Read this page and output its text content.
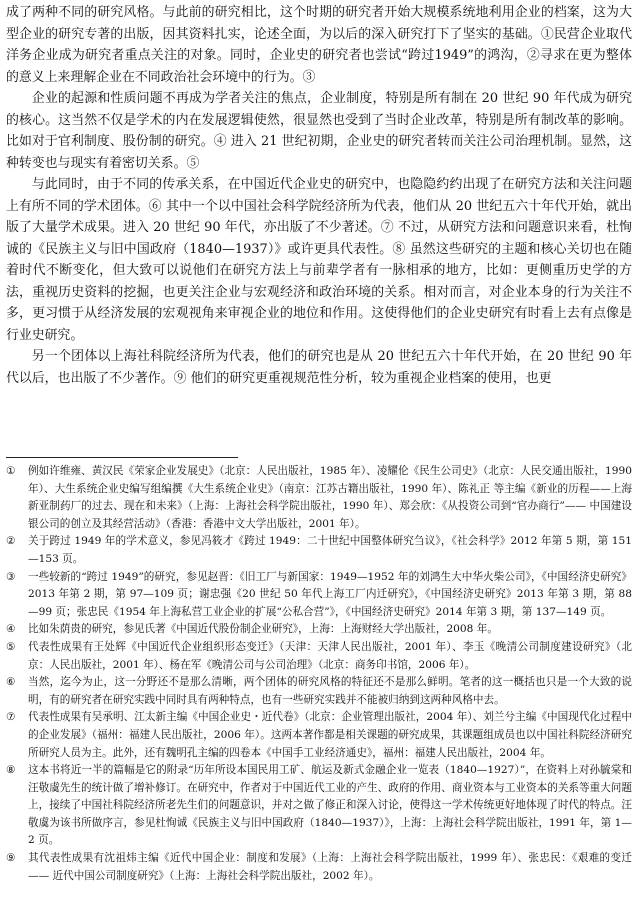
成了两种不同的研究风格。与此前的研究相比，这个时期的研究者开始大规模系统地利用企业的档案，这为大型企业的研究专著的出版，因其资料扎实，论述全面，为以后的深入研究打下了坚实的基础。①民营企业取代洋务企业成为研究者重点关注的对象。同时，企业史的研究者也尝试“跨过1949”的鸿沟，②寻求在更为整体的意义上来理解企业在不同政治社会环境中的行为。③

企业的起源和性质问题不再成为学者关注的焦点，企业制度，特别是所有制在 20 世纪 90 年代成为研究的核心。这当然不仅是学术的内在发展逻辑使然，很显然也受到了当时企业改革，特别是所有制改革的影响。比如对于官利制度、股份制的研究。④ 进入 21 世纪初期，企业史的研究者转而关注公司治理机制。显然，这种转变也与现实有着密切关系。⑤

与此同时，由于不同的传承关系，在中国近代企业史的研究中，也隐隐约约出现了在研究方法和关注问题上有所不同的学术团体。⑥ 其中一个以中国社会科学院经济所为代表，他们从 20 世纪五六十年代开始，就出版了大量学术成果。进入 20 世纪 90 年代，亦出版了不少著述。⑦ 不过，从研究方法和问题意识来看，杜恂诚的《民族主义与旧中国政府（1840—1937）》或许更具代表性。⑧ 虽然这些研究的主题和核心关切也在随着时代不断变化，但大致可以说他们在研究方法上与前辈学者有一脉相承的地方，比如：更侧重历史学的方法，重视历史资料的挖掘，也更关注企业与宏观经济和政治环境的关系。相对而言，对企业本身的行为关注不多，更习惯于从经济发展的宏观视角来审视企业的地位和作用。这使得他们的企业史研究有时看上去有点像是行业史研究。

另一个团体以上海社科院经济所为代表，他们的研究也是从 20 世纪五六十年代开始，在 20 世纪 90 年代以后，也出版了不少著作。⑨ 他们的研究更重视规范性分析，较为重视企业档案的使用，也更

①	例如许维雍、黄汉民《荣家企业发展史》（北京：人民出版社，1985 年）、凌耀伦《民生公司史》（北京：人民交通出版社，1990 年）、大生系统企业史编写组编撰《大生系统企业史》（南京：江苏古籍出版社，1990 年）、陈礼正 等主编《新业的历程——上海新亚制药厂的过去、现在和未来》（上海：上海社会科学院出版社，1990 年）、郑会欣：《从投资公司到“官办商行”—— 中国建设银公司的创立及其经营活动》（香港：香港中文大学出版社，2001 年）。
②	关于跨过 1949 年的学术意义，参见冯筱才《跨过 1949：二十世纪中国整体研究刍议》，《社会科学》2012 年第 5 期，第 151—153 页。
③	一些较新的“跨过 1949”的研究，参见赵晋：《旧工厂与新国家：1949—1952 年的刘鸿生大中华火柴公司》，《中国经济史研究》2013 年第 2 期，第 97—109 页；谢忠强《20 世纪 50 年代上海工厂内迁研究》，《中国经济史研究》2013 年第 3 期，第 88—99 页；张忠民《1954 年上海私营工业企业的扩展“公私合营”》，《中国经济史研究》2014 年第 3 期，第 137—149 页。
④	比如朱荫贵的研究，参见氏著《中国近代股份制企业研究》，上海：上海财经大学出版社，2008 年。
⑤	代表性成果有王处辉《中国近代企业组织形态变迁》（天津：天津人民出版社，2001 年）、李玉《晚清公司制度建设研究》（北京：人民出版社，2001 年）、杨在军《晚清公司与公司治理》（北京：商务印书馆，2006 年）。
⑥	当然，迄今为止，这一分野还不是那么清晰，两个团体的研究风格的特征还不是那么鲜明。笔者的这一概括也只是一个大致的说明，有的研究者在研究实践中同时具有两种特点，也有一些研究实践并不能被归纳到这两种风格中去。
⑦	代表性成果有吴承明、江太新主编《中国企业史・近代卷》（北京：企业管理出版社，2004 年）、刘兰兮主编《中国现代化过程中的企业发展》（福州：福建人民出版社，2006 年）。这两本著作都是相关课题的研究成果，其课题组成员也以中国社科院经济研究所研究人员为主。此外，还有魏明孔主编的四卷本《中国手工业经济通史》，福州：福建人民出版社，2004 年。
⑧	这本书将近一半的篇幅是它的附录“历年所设本国民用工矿、航运及新式金融企业一览表（1840—1927）”，在资料上对孙毓棠和汪敬虞先生的统计做了增补修订。在研究中，作者对于中国近代工业的产生、政府的作用、商业资本与工业资本的关系等重大问题上，接续了中国社科院经济所老先生们的问题意识，并对之做了修正和深入讨论，使得这一学术传统更好地体现了时代的特点。汪敬虞为该书所做序言，参见杜恂诚《民族主义与旧中国政府（1840—1937）》，上海：上海社会科学院出版社，1991 年，第 1—2 页。
⑨	其代表性成果有沈祖炜主编《近代中国企业：制度和发展》（上海：上海社会科学院出版社，1999 年）、张忠民：《艰难的变迁—— 近代中国公司制度研究》（上海：上海社会科学院出版社，2002 年）。
